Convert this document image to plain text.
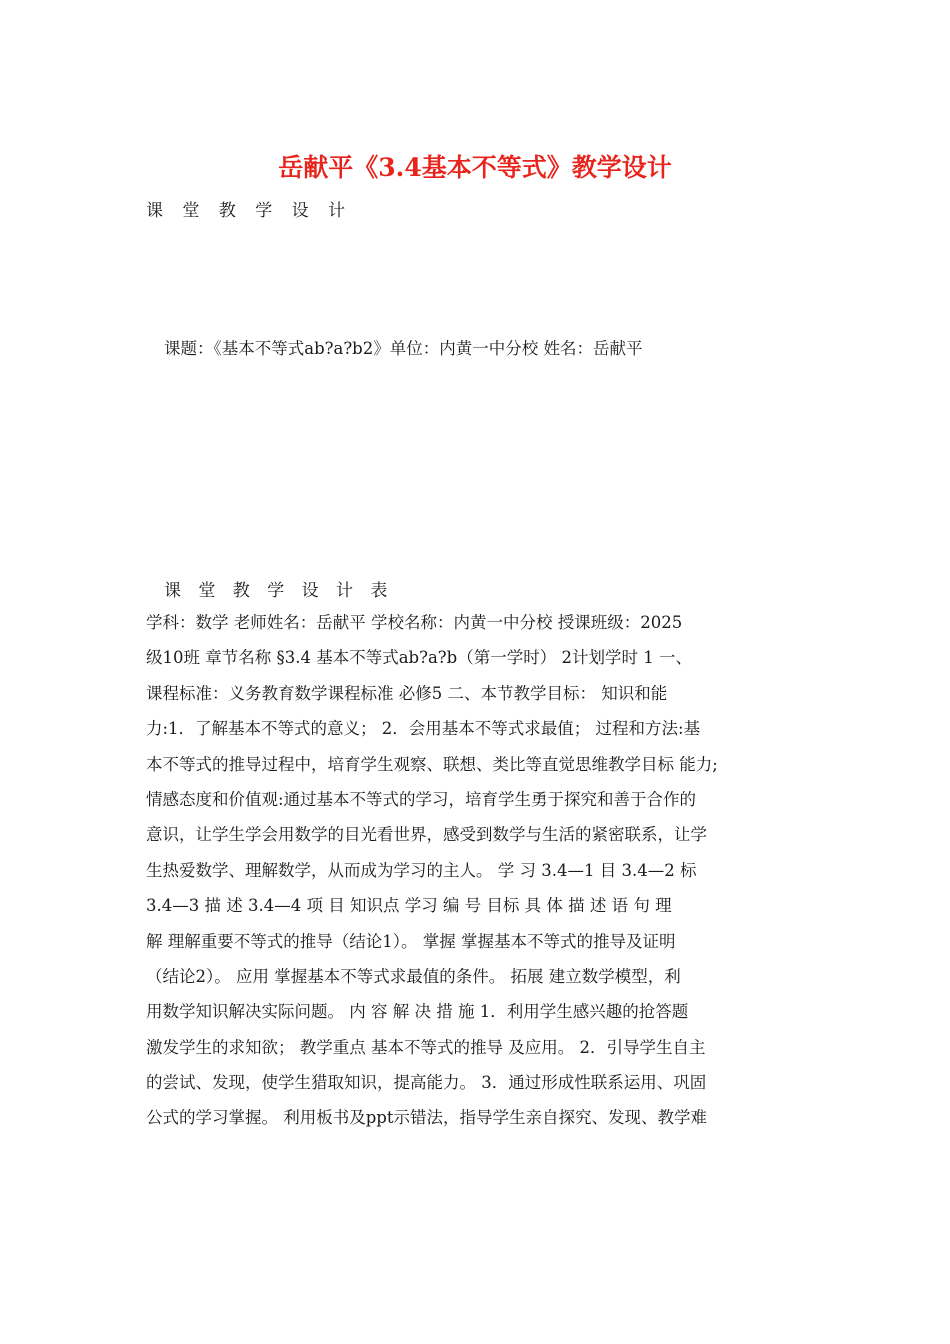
岳献平《3.4基本不等式》教学设计
课 堂 教 学 设 计
课题：《基本不等式ab?a?b2》单位：内黄一中分校 姓名：岳献平
课 堂 教 学 设 计 表
学科：数学 老师姓名：岳献平 学校名称：内黄一中分校 授课班级：2025
级10班 章节名称 §3.4 基本不等式ab?a?b（第一学时） 2计划学时 1 一、
课程标准：义务教育数学课程标准 必修5 二、本节教学目标： 知识和能
力:1．了解基本不等式的意义； 2．会用基本不等式求最值； 过程和方法:基
本不等式的推导过程中，培育学生观察、联想、类比等直觉思维教学目标 能力;
情感态度和价值观:通过基本不等式的学习，培育学生勇于探究和善于合作的
意识，让学生学会用数学的目光看世界，感受到数学与生活的紧密联系，让学
生热爱数学、理解数学，从而成为学习的主人。 学 习 3.4—1 目 3.4—2 标
3.4—3 描 述 3.4—4 项 目 知识点 学习 编 号 目标 具 体 描 述 语 句 理
解 理解重要不等式的推导（结论1）。 掌握 掌握基本不等式的推导及证明
（结论2）。 应用 掌握基本不等式求最值的条件。 拓展 建立数学模型，利
用数学知识解决实际问题。 内 容 解 决 措 施 1．利用学生感兴趣的抢答题
激发学生的求知欲； 教学重点 基本不等式的推导 及应用。 2．引导学生自主
的尝试、发现，使学生猎取知识，提高能力。 3．通过形成性联系运用、巩固
公式的学习掌握。 利用板书及ppt示错法，指导学生亲自探究、发现、教学难
